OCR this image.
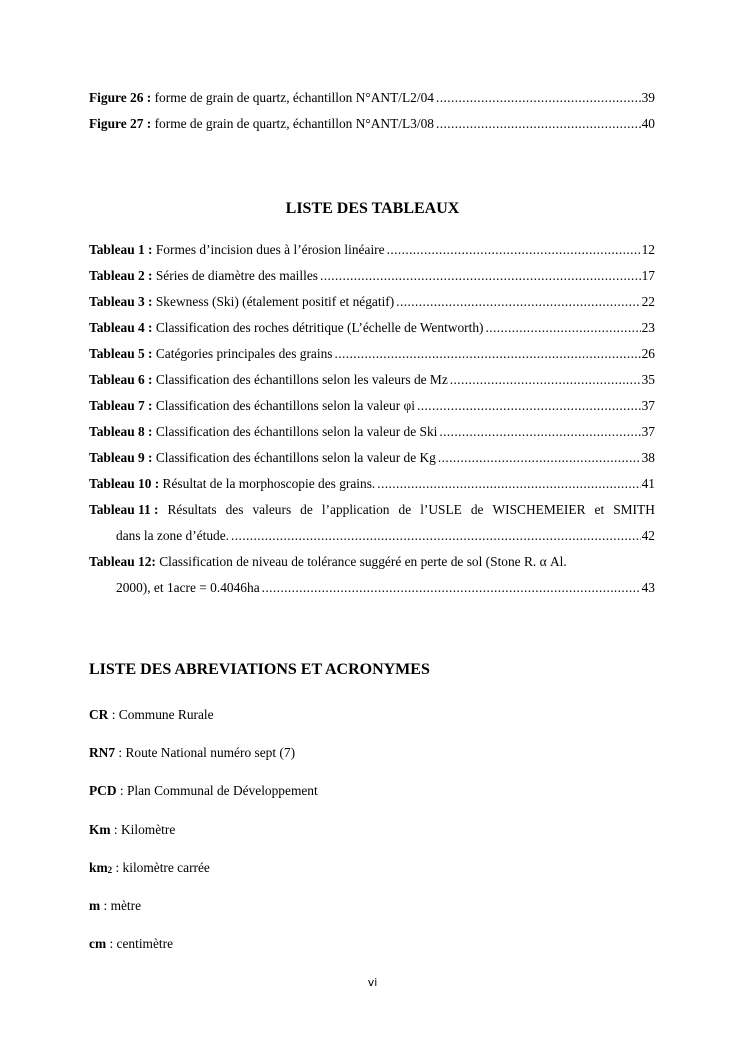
Figure 26 : forme de grain de quartz, échantillon N°ANT/L2/04 .....	39
Figure 27 : forme de grain de quartz, échantillon N°ANT/L3/08 .....	40
LISTE DES TABLEAUX
Tableau 1 : Formes d’incision dues à l’érosion linéaire .....	12
Tableau 2 : Séries de diamètre des mailles .....	17
Tableau 3 : Skewness (Ski) (étalement positif et négatif) .....	22
Tableau 4 : Classification des roches détritique (L’échelle de Wentworth) .....	23
Tableau 5 : Catégories principales des grains .....	26
Tableau 6 : Classification des échantillons selon les valeurs de Mz .....	35
Tableau 7 : Classification des échantillons selon la valeur φi .....	37
Tableau 8 : Classification des échantillons selon la valeur de Ski .....	37
Tableau 9 : Classification des échantillons selon la valeur de Kg .....	38
Tableau 10 : Résultat de la morphoscopie des grains. .....	41
Tableau 11 : Résultats des valeurs de l’application de l’USLE de WISCHEMEIER et SMITH
dans la zone d’étude. .....	42
Tableau 12: Classification de niveau de tolérance suggéré en perte de sol (Stone R. α Al.
2000), et 1acre = 0.4046ha .....	43
LISTE DES ABREVIATIONS ET ACRONYMES
CR : Commune Rurale
RN7 : Route National numéro sept (7)
PCD : Plan Communal de Développement
Km : Kilomètre
km2 : kilomètre carrée
m : mètre
cm : centimètre
vi
